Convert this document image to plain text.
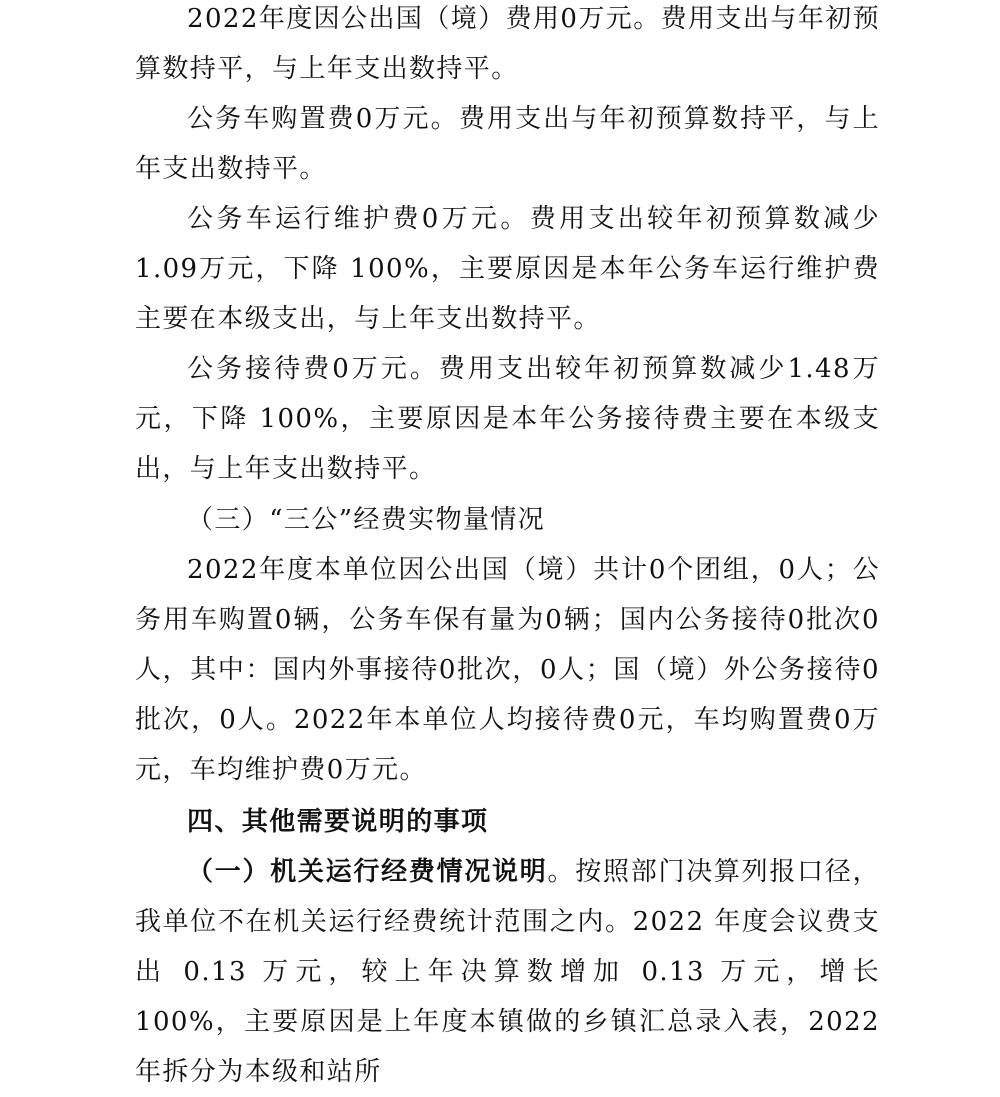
2022年度因公出国（境）费用0万元。费用支出与年初预算数持平，与上年支出数持平。

公务车购置费0万元。费用支出与年初预算数持平，与上年支出数持平。

公务车运行维护费0万元。费用支出较年初预算数减少1.09万元，下降 100%，主要原因是本年公务车运行维护费主要在本级支出，与上年支出数持平。

公务接待费0万元。费用支出较年初预算数减少1.48万元，下降 100%，主要原因是本年公务接待费主要在本级支出，与上年支出数持平。

（三）“三公”经费实物量情况

2022年度本单位因公出国（境）共计0个团组，0人；公务用车购置0辆，公务车保有量为0辆；国内公务接待0批次0人，其中：国内外事接待0批次，0人；国（境）外公务接待0批次，0人。2022年本单位人均接待费0元，车均购置费0万元，车均维护费0万元。

四、其他需要说明的事项

（一）机关运行经费情况说明。按照部门决算列报口径，我单位不在机关运行经费统计范围之内。2022 年度会议费支出 0.13 万元，较上年决算数增加 0.13 万元，增长 100%，主要原因是上年度本镇做的乡镇汇总录入表，2022 年拆分为本级和站所
